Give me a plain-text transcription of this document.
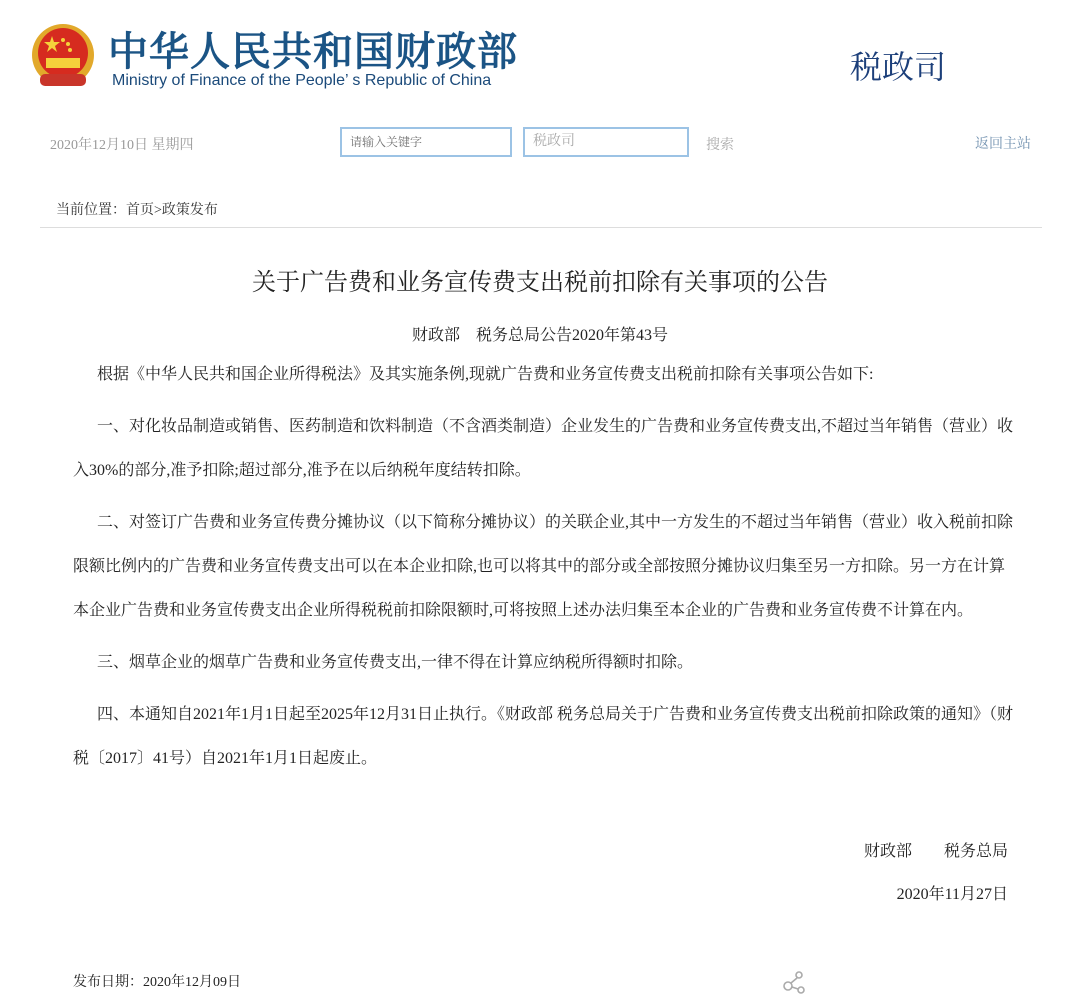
中华人民共和国财政部
Ministry of Finance of the People’ s Republic of China	税政司
2020年12月10日 星期四
请输入关键字	税政司	搜索	返回主站
当前位置：首页>政策发布
关于广告费和业务宣传费支出税前扣除有关事项的公告
财政部　税务总局公告2020年第43号

根据《中华人民共和国企业所得税法》及其实施条例,现就广告费和业务宣传费支出税前扣除有关事项公告如下:

一、对化妆品制造或销售、医药制造和饮料制造（不含酒类制造）企业发生的广告费和业务宣传费支出,不超过当年销售（营业）收入30%的部分,准予扣除;超过部分,准予在以后纳税年度结转扣除。

二、对签订广告费和业务宣传费分摊协议（以下简称分摊协议）的关联企业,其中一方发生的不超过当年销售（营业）收入税前扣除限额比例内的广告费和业务宣传费支出可以在本企业扣除,也可以将其中的部分或全部按照分摊协议归集至另一方扣除。另一方在计算本企业广告费和业务宣传费支出企业所得税税前扣除限额时,可将按照上述办法归集至本企业的广告费和业务宣传费不计算在内。

三、烟草企业的烟草广告费和业务宣传费支出,一律不得在计算应纳税所得额时扣除。

四、本通知自2021年1月1日起至2025年12月31日止执行。《财政部 税务总局关于广告费和业务宣传费支出税前扣除政策的通知》（财税〔2017〕41号）自2021年1月1日起废止。

财政部 税务总局
2020年11月27日
发布日期：2020年12月09日
